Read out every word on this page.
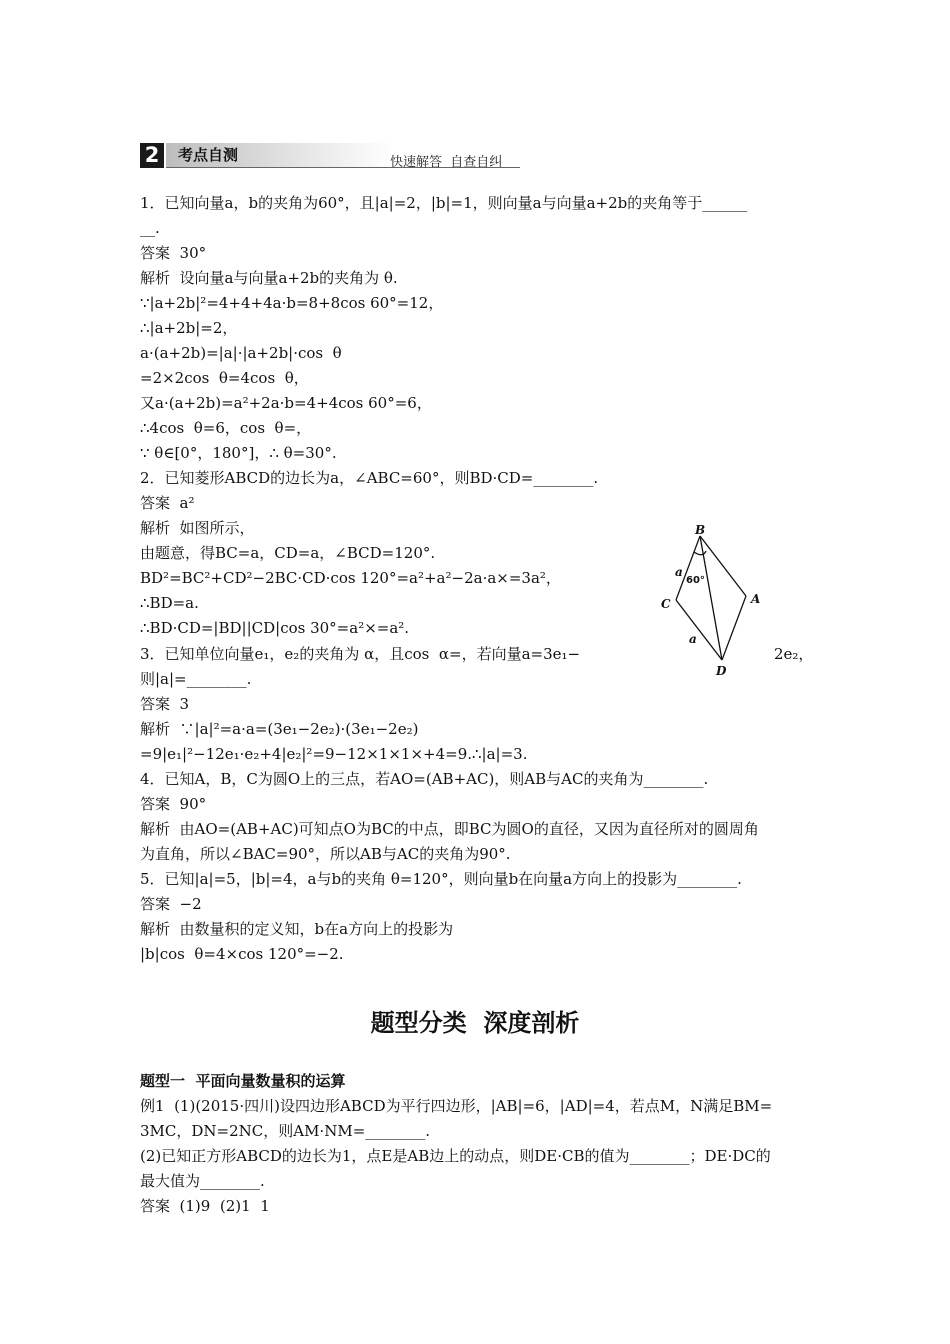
2	考点自测	快速解答  自查自纠
1．已知向量a，b的夹角为60°，且|a|=2，|b|=1，则向量a与向量a+2b的夹角等于______
__.
答案  30°
解析  设向量a与向量a+2b的夹角为 θ.
∵|a+2b|²=4+4+4a·b=8+8cos 60°=12，
∴|a+2b|=2，
a·(a+2b)=|a|·|a+2b|·cos  θ
=2×2cos  θ=4cos  θ，
又a·(a+2b)=a²+2a·b=4+4cos 60°=6，
∴4cos  θ=6，cos  θ=，
∵ θ∈[0°，180°]，∴ θ=30°.
2．已知菱形ABCD的边长为a，∠ABC=60°，则BD·CD=________.
答案  a²
解析  如图所示，
由题意，得BC=a，CD=a，∠BCD=120°.
BD²=BC²+CD²−2BC·CD·cos 120°=a²+a²−2a·a×=3a²，
∴BD=a.
∴BD·CD=|BD||CD|cos 30°=a²×=a².
3．已知单位向量e₁，e₂的夹角为 α，且cos  α=，若向量a=3e₁−	2e₂，
则|a|=________.
答案  3
解析  ∵|a|²=a·a=(3e₁−2e₂)·(3e₁−2e₂)
=9|e₁|²−12e₁·e₂+4|e₂|²=9−12×1×1×+4=9.∴|a|=3.
4．已知A，B，C为圆O上的三点，若AO=(AB+AC)，则AB与AC的夹角为________.
答案  90°
解析  由AO=(AB+AC)可知点O为BC的中点，即BC为圆O的直径，又因为直径所对的圆周角
为直角，所以∠BAC=90°，所以AB与AC的夹角为90°.
5．已知|a|=5，|b|=4，a与b的夹角 θ=120°，则向量b在向量a方向上的投影为________.
答案  −2
解析  由数量积的定义知，b在a方向上的投影为
|b|cos  θ=4×cos 120°=−2.
B
C	A
D
a
a
60°
题型分类  深度剖析
题型一  平面向量数量积的运算
例1  (1)(2015·四川)设四边形ABCD为平行四边形，|AB|=6，|AD|=4，若点M，N满足BM=
3MC，DN=2NC，则AM·NM=________.
(2)已知正方形ABCD的边长为1，点E是AB边上的动点，则DE·CB的值为________；DE·DC的
最大值为________.
答案  (1)9  (2)1  1
